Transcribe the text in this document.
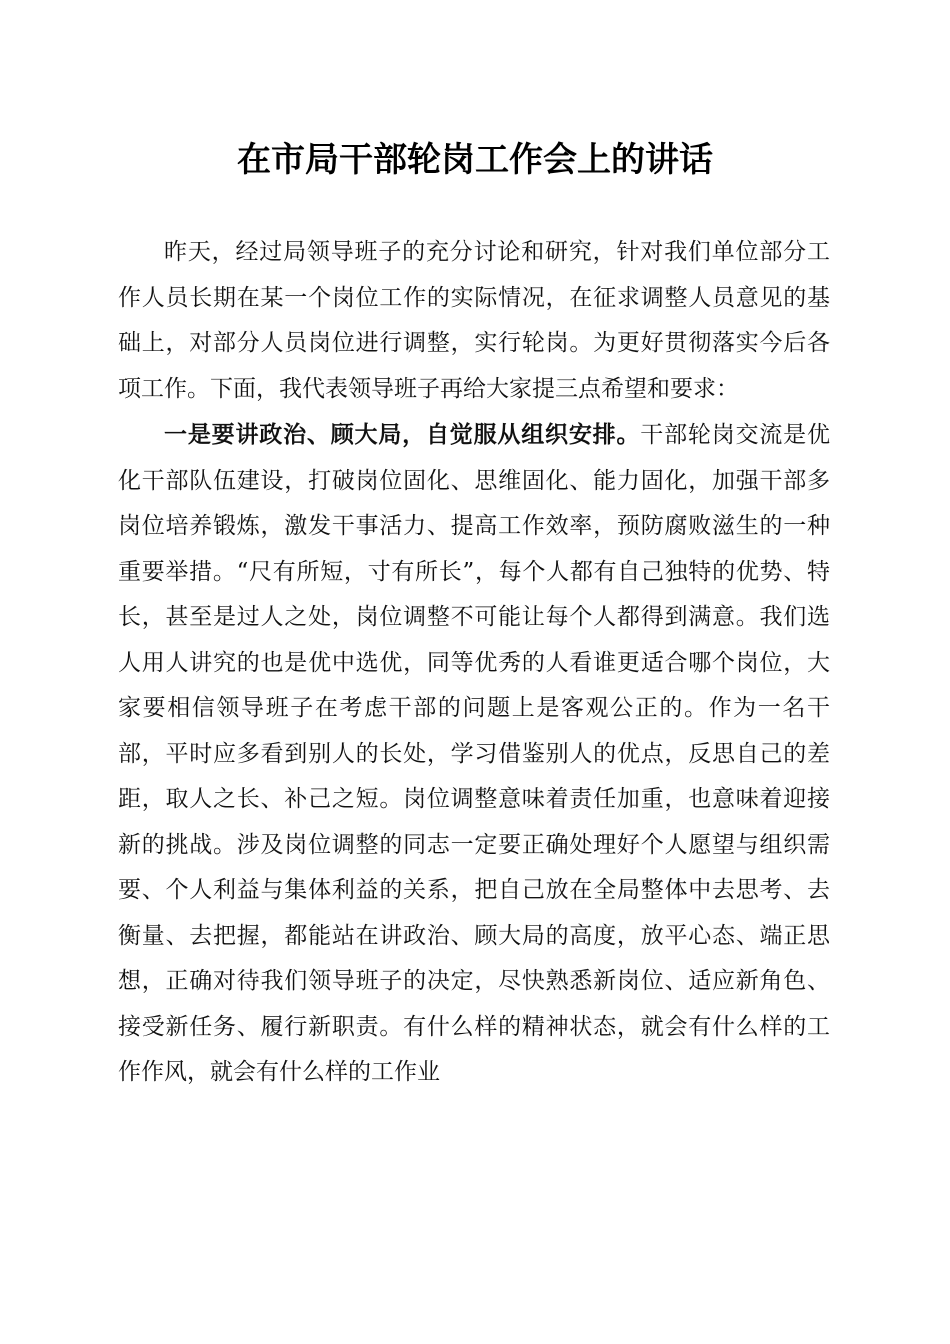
在市局干部轮岗工作会上的讲话

昨天，经过局领导班子的充分讨论和研究，针对我们单位部分工作人员长期在某一个岗位工作的实际情况，在征求调整人员意见的基础上，对部分人员岗位进行调整，实行轮岗。为更好贯彻落实今后各项工作。下面，我代表领导班子再给大家提三点希望和要求：

一是要讲政治、顾大局，自觉服从组织安排。干部轮岗交流是优化干部队伍建设，打破岗位固化、思维固化、能力固化，加强干部多岗位培养锻炼，激发干事活力、提高工作效率，预防腐败滋生的一种重要举措。“尺有所短，寸有所长”，每个人都有自己独特的优势、特长，甚至是过人之处，岗位调整不可能让每个人都得到满意。我们选人用人讲究的也是优中选优，同等优秀的人看谁更适合哪个岗位，大家要相信领导班子在考虑干部的问题上是客观公正的。作为一名干部，平时应多看到别人的长处，学习借鉴别人的优点，反思自己的差距，取人之长、补己之短。岗位调整意味着责任加重，也意味着迎接新的挑战。涉及岗位调整的同志一定要正确处理好个人愿望与组织需要、个人利益与集体利益的关系，把自己放在全局整体中去思考、去衡量、去把握，都能站在讲政治、顾大局的高度，放平心态、端正思想，正确对待我们领导班子的决定，尽快熟悉新岗位、适应新角色、接受新任务、履行新职责。有什么样的精神状态，就会有什么样的工作作风，就会有什么样的工作业
